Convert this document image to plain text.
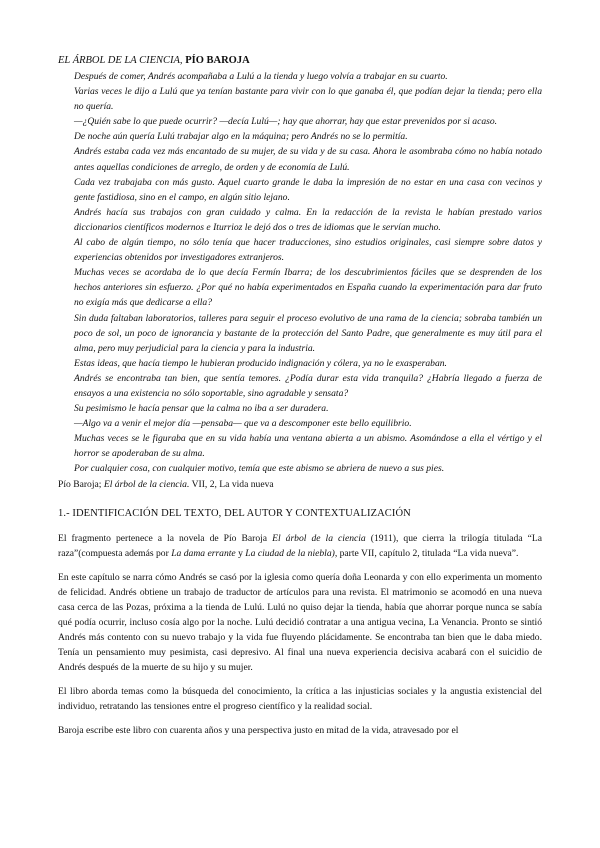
EL ÁRBOL DE LA CIENCIA, PÍO BAROJA

Después de comer, Andrés acompañaba a Lulú a la tienda y luego volvía a trabajar en su cuarto.

Varias veces le dijo a Lulú que ya tenían bastante para vivir con lo que ganaba él, que podían dejar la tienda; pero ella no quería.

—¿Quién sabe lo que puede ocurrir? —decía Lulú—; hay que ahorrar, hay que estar prevenidos por si acaso.

De noche aún quería Lulú trabajar algo en la máquina; pero Andrés no se lo permitía.

Andrés estaba cada vez más encantado de su mujer, de su vida y de su casa. Ahora le asombraba cómo no había notado antes aquellas condiciones de arreglo, de orden y de economía de Lulú.

Cada vez trabajaba con más gusto. Aquel cuarto grande le daba la impresión de no estar en una casa con vecinos y gente fastidiosa, sino en el campo, en algún sitio lejano.

Andrés hacía sus trabajos con gran cuidado y calma. En la redacción de la revista le habían prestado varios diccionarios científicos modernos e Iturrioz le dejó dos o tres de idiomas que le servían mucho.

Al cabo de algún tiempo, no sólo tenía que hacer traducciones, sino estudios originales, casi siempre sobre datos y experiencias obtenidos por investigadores extranjeros.

Muchas veces se acordaba de lo que decía Fermín Ibarra; de los descubrimientos fáciles que se desprenden de los hechos anteriores sin esfuerzo. ¿Por qué no había experimentados en España cuando la experimentación para dar fruto no exigía más que dedicarse a ella?

Sin duda faltaban laboratorios, talleres para seguir el proceso evolutivo de una rama de la ciencia; sobraba también un poco de sol, un poco de ignorancia y bastante de la protección del Santo Padre, que generalmente es muy útil para el alma, pero muy perjudicial para la ciencia y para la industria.

Estas ideas, que hacía tiempo le hubieran producido indignación y cólera, ya no le exasperaban.

Andrés se encontraba tan bien, que sentía temores. ¿Podía durar esta vida tranquila? ¿Habría llegado a fuerza de ensayos a una existencia no sólo soportable, sino agradable y sensata?

Su pesimismo le hacía pensar que la calma no iba a ser duradera.

—Algo va a venir el mejor día —pensaba— que va a descomponer este bello equilibrio.

Muchas veces se le figuraba que en su vida había una ventana abierta a un abismo. Asomándose a ella el vértigo y el horror se apoderaban de su alma.

Por cualquier cosa, con cualquier motivo, temía que este abismo se abriera de nuevo a sus pies.

Pío Baroja; El árbol de la ciencia. VII, 2, La vida nueva

1.- IDENTIFICACIÓN DEL TEXTO, DEL AUTOR Y CONTEXTUALIZACIÓN

El fragmento pertenece a la novela de Pío Baroja El árbol de la ciencia (1911), que cierra la trilogía titulada “La raza”(compuesta además por La dama errante y La ciudad de la niebla), parte VII, capítulo 2, titulada “La vida nueva”.

En este capítulo se narra cómo Andrés se casó por la iglesia como quería doña Leonarda y con ello experimenta un momento de felicidad. Andrés obtiene un trabajo de traductor de artículos para una revista. El matrimonio se acomodó en una nueva casa cerca de las Pozas, próxima a la tienda de Lulú. Lulú no quiso dejar la tienda, había que ahorrar porque nunca se sabía qué podía ocurrir, incluso cosía algo por la noche. Lulú decidió contratar a una antigua vecina, La Venancia. Pronto se sintió Andrés más contento con su nuevo trabajo y la vida fue fluyendo plácidamente. Se encontraba tan bien que le daba miedo. Tenía un pensamiento muy pesimista, casi depresivo. Al final una nueva experiencia decisiva acabará con el suicidio de Andrés después de la muerte de su hijo y su mujer.

El libro aborda temas como la búsqueda del conocimiento, la crítica a las injusticias sociales y la angustia existencial del individuo, retratando las tensiones entre el progreso científico y la realidad social.

Baroja escribe este libro con cuarenta años y una perspectiva justo en mitad de la vida, atravesado por el
